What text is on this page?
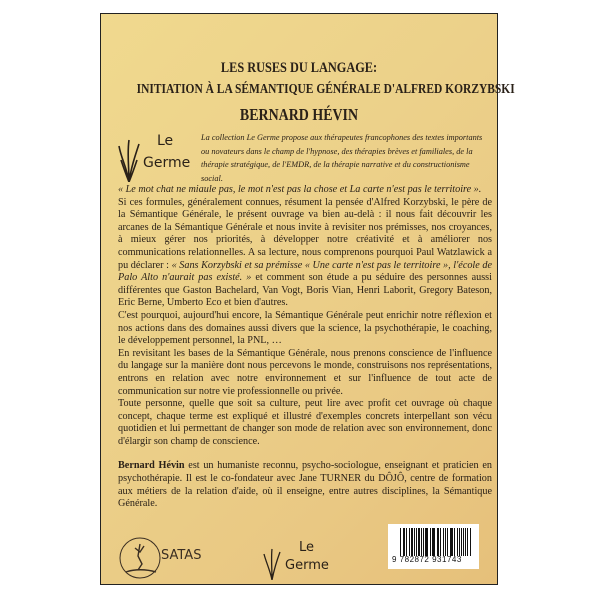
LES RUSES DU LANGAGE:
INITIATION À LA SÉMANTIQUE GÉNÉRALE D'ALFRED KORZYBSKI
BERNARD HÉVIN
Le
Germe
La collection Le Germe propose aux thérapeutes francophones des textes importants ou novateurs dans le champ de l'hypnose, des thérapies brèves et familiales, de la thérapie stratégique, de l'EMDR, de la thérapie narrative et du constructionisme social.

« Le mot chat ne miaule pas, le mot n'est pas la chose et La carte n'est pas le territoire ».

Si ces formules, généralement connues, résument la pensée d'Alfred Korzybski, le père de la Sémantique Générale, le présent ouvrage va bien au-delà : il nous fait découvrir les arcanes de la Sémantique Générale et nous invite à revisiter nos prémisses, nos croyances, à mieux gérer nos priorités, à développer notre créativité et à améliorer nos communications relationnelles. A sa lecture, nous comprenons pourquoi Paul Watzlawick a pu déclarer : « Sans Korzybski et sa prémisse « Une carte n'est pas le territoire », l'école de Palo Alto n'aurait pas existé. » et comment son étude a pu séduire des personnes aussi différentes que Gaston Bachelard, Van Vogt, Boris Vian, Henri Laborit, Gregory Bateson, Eric Berne, Umberto Eco et bien d'autres.

C'est pourquoi, aujourd'hui encore, la Sémantique Générale peut enrichir notre réflexion et nos actions dans des domaines aussi divers que la science, la psychothérapie, le coaching, le développement personnel, la PNL, …

En revisitant les bases de la Sémantique Générale, nous prenons conscience de l'influence du langage sur la manière dont nous percevons le monde, construisons nos représentations, entrons en relation avec notre environnement et sur l'influence de tout acte de communication sur notre vie professionnelle ou privée.

Toute personne, quelle que soit sa culture, peut lire avec profit cet ouvrage où chaque concept, chaque terme est expliqué et illustré d'exemples concrets interpellant son vécu quotidien et lui permettant de changer son mode de relation avec son environnement, donc d'élargir son champ de conscience.

Bernard Hévin est un humaniste reconnu, psycho-sociologue, enseignant et praticien en psychothérapie. Il est le co-fondateur avec Jane TURNER du DÔJÔ, centre de formation aux métiers de la relation d'aide, où il enseigne, entre autres disciplines, la Sémantique Générale.

SATAS
Le
Germe	9 782872 931743
